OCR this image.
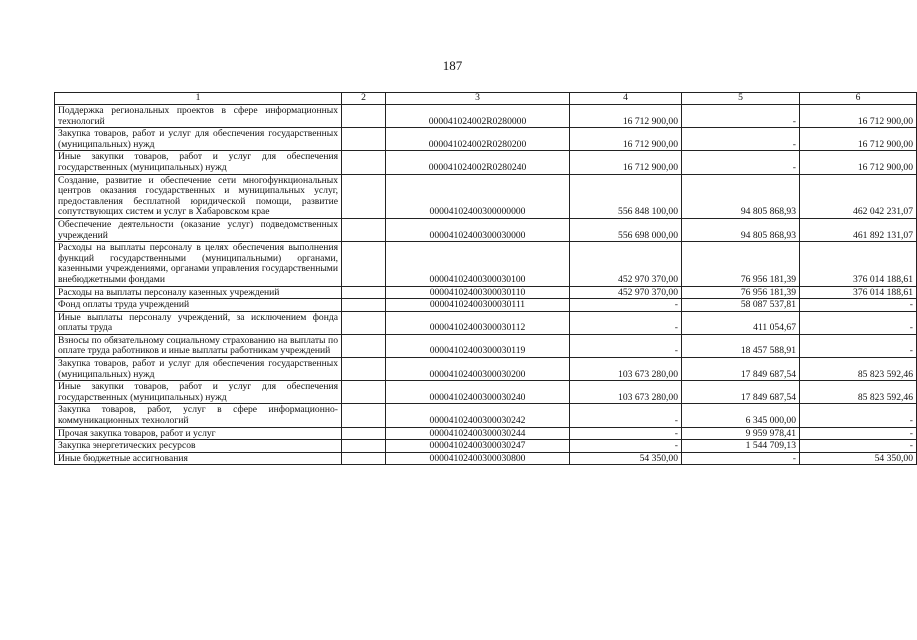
187
1	2	3	4	5	6
Поддержка региональных проектов в сфере информационных технологий		000041024002R0280000	16 712 900,00	-	16 712 900,00
Закупка товаров, работ и услуг для обеспечения государственных (муниципальных) нужд		000041024002R0280200	16 712 900,00	-	16 712 900,00
Иные закупки товаров, работ и услуг для обеспечения государственных (муниципальных) нужд		000041024002R0280240	16 712 900,00	-	16 712 900,00
Создание, развитие и обеспечение сети многофункциональных центров оказания государственных и муниципальных услуг, предоставления бесплатной юридической помощи, развитие сопутствующих систем и услуг в Хабаровском крае		00004102400300000000	556 848 100,00	94 805 868,93	462 042 231,07
Обеспечение деятельности (оказание услуг) подведомственных учреждений		00004102400300030000	556 698 000,00	94 805 868,93	461 892 131,07
Расходы на выплаты персоналу в целях обеспечения выполнения функций государственными (муниципальными) органами, казенными учреждениями, органами управления государственными внебюджетными фондами		00004102400300030100	452 970 370,00	76 956 181,39	376 014 188,61
Расходы на выплаты персоналу казенных учреждений		00004102400300030110	452 970 370,00	76 956 181,39	376 014 188,61
Фонд оплаты труда учреждений		00004102400300030111	-	58 087 537,81	-
Иные выплаты персоналу учреждений, за исключением фонда оплаты труда		00004102400300030112	-	411 054,67	-
Взносы по обязательному социальному страхованию на выплаты по оплате труда работников и иные выплаты работникам учреждений		00004102400300030119	-	18 457 588,91	-
Закупка товаров, работ и услуг для обеспечения государственных (муниципальных) нужд		00004102400300030200	103 673 280,00	17 849 687,54	85 823 592,46
Иные закупки товаров, работ и услуг для обеспечения государственных (муниципальных) нужд		00004102400300030240	103 673 280,00	17 849 687,54	85 823 592,46
Закупка товаров, работ, услуг в сфере информационно-коммуникационных технологий		00004102400300030242	-	6 345 000,00	-
Прочая закупка товаров, работ и услуг		00004102400300030244	-	9 959 978,41	-
Закупка энергетических ресурсов		00004102400300030247	-	1 544 709,13	-
Иные бюджетные ассигнования		00004102400300030800	54 350,00	-	54 350,00
